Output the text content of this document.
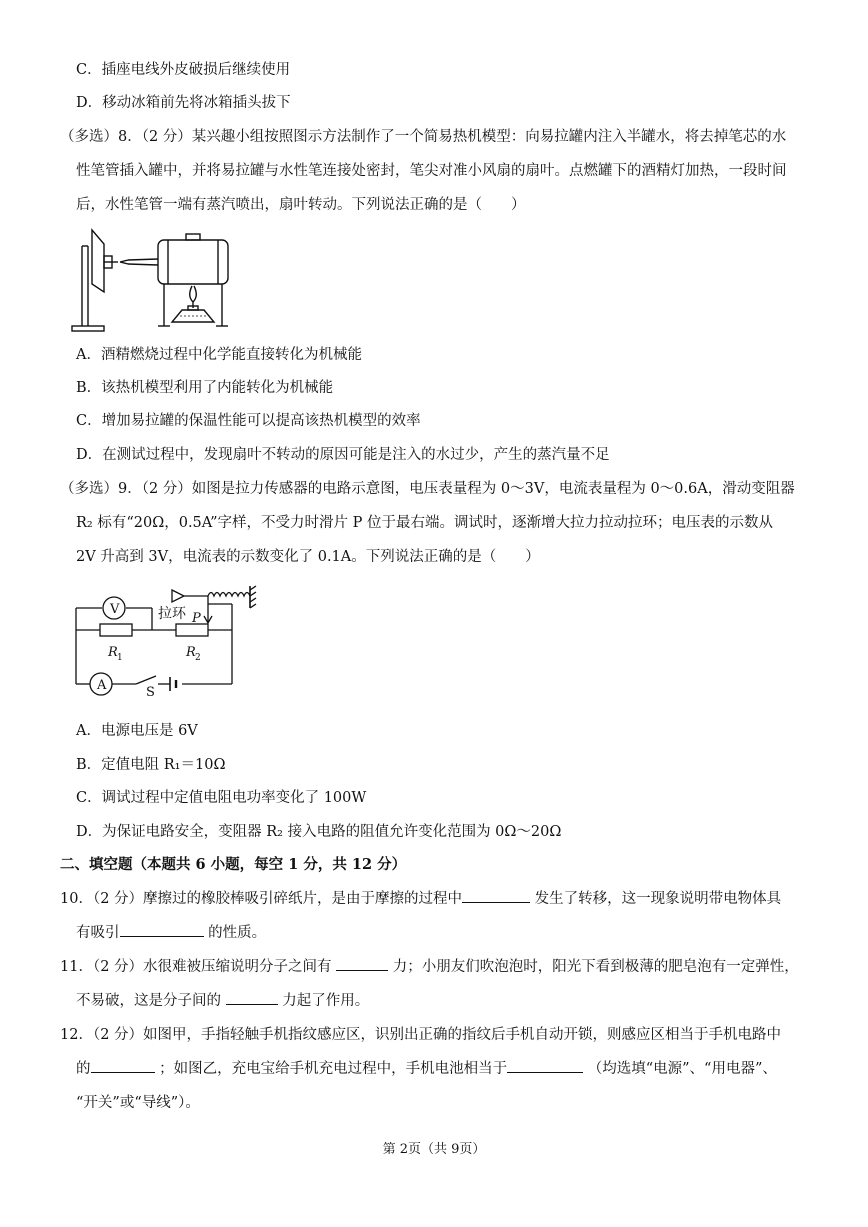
C．插座电线外皮破损后继续使用
D．移动冰箱前先将冰箱插头拔下
（多选）8．（2 分）某兴趣小组按照图示方法制作了一个简易热机模型：向易拉罐内注入半罐水，将去掉笔芯的水
性笔管插入罐中，并将易拉罐与水性笔连接处密封，笔尖对准小风扇的扇叶。点燃罐下的酒精灯加热，一段时间
后，水性笔管一端有蒸汽喷出，扇叶转动。下列说法正确的是（　　）
A．酒精燃烧过程中化学能直接转化为机械能
B．该热机模型利用了内能转化为机械能
C．增加易拉罐的保温性能可以提高该热机模型的效率
D．在测试过程中，发现扇叶不转动的原因可能是注入的水过少，产生的蒸汽量不足
（多选）9．（2 分）如图是拉力传感器的电路示意图，电压表量程为 0～3V，电流表量程为 0～0.6A，滑动变阻器
R₂ 标有“20Ω，0.5A”字样，不受力时滑片 P 位于最右端。调试时，逐渐增大拉力拉动拉环；电压表的示数从
2V 升高到 3V，电流表的示数变化了 0.1A。下列说法正确的是（　　）
V
A
拉环 P
R 1	R 2
S
A．电源电压是 6V
B．定值电阻 R₁＝10Ω
C．调试过程中定值电阻电功率变化了 100W
D．为保证电路安全，变阻器 R₂ 接入电路的阻值允许变化范围为 0Ω～20Ω
二、填空题（本题共 6 小题，每空 1 分，共 12 分）
10．（2 分）摩擦过的橡胶棒吸引碎纸片，是由于摩擦的过程中	发生了转移，这一现象说明带电物体具
有吸引	的性质。
11．（2 分）水很难被压缩说明分子之间有	力；小朋友们吹泡泡时，阳光下看到极薄的肥皂泡有一定弹性，
不易破，这是分子间的	力起了作用。
12．（2 分）如图甲，手指轻触手机指纹感应区，识别出正确的指纹后手机自动开锁，则感应区相当于手机电路中
的	；如图乙，充电宝给手机充电过程中，手机电池相当于	（均选填“电源”、“用电器”、
“开关”或“导线”）。
第 2页（共 9页）
